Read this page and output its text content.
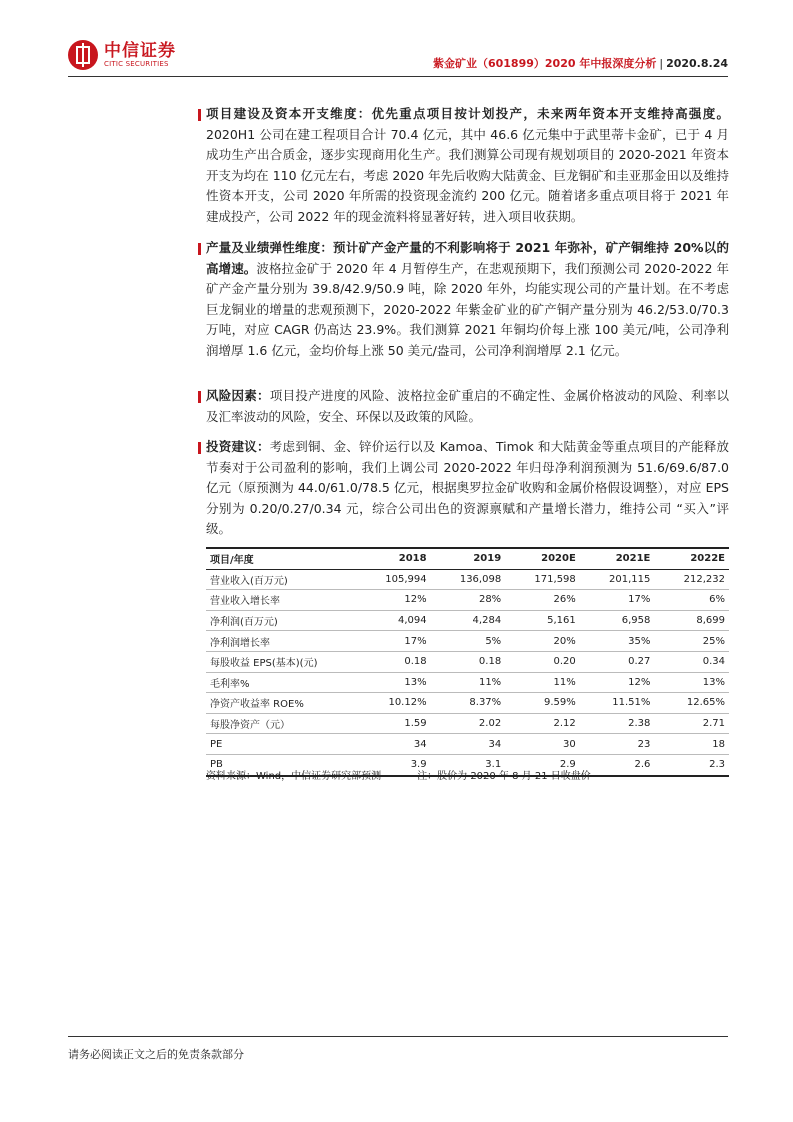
中信证券
CITIC SECURITIES	紫金矿业（601899）2020 年中报深度分析 | 2020.8.24
项目建设及资本开支维度：优先重点项目按计划投产，未来两年资本开支维持高强度。2020H1 公司在建工程项目合计 70.4 亿元，其中 46.6 亿元集中于武里蒂卡金矿，已于 4 月成功生产出合质金，逐步实现商用化生产。我们测算公司现有规划项目的 2020-2021 年资本开支为均在 110 亿元左右，考虑 2020 年先后收购大陆黄金、巨龙铜矿和圭亚那金田以及维持性资本开支，公司 2020 年所需的投资现金流约 200 亿元。随着诸多重点项目将于 2021 年建成投产，公司 2022 年的现金流料将显著好转，进入项目收获期。
产量及业绩弹性维度：预计矿产金产量的不利影响将于 2021 年弥补，矿产铜维持 20%以的高增速。波格拉金矿于 2020 年 4 月暂停生产，在悲观预期下，我们预测公司 2020-2022 年矿产金产量分别为 39.8/42.9/50.9 吨，除 2020 年外，均能实现公司的产量计划。在不考虑巨龙铜业的增量的悲观预测下，2020-2022 年紫金矿业的矿产铜产量分别为 46.2/53.0/70.3 万吨，对应 CAGR 仍高达 23.9%。我们测算 2021 年铜均价每上涨 100 美元/吨，公司净利润增厚 1.6 亿元，金均价每上涨 50 美元/盎司，公司净利润增厚 2.1 亿元。
风险因素：项目投产进度的风险、波格拉金矿重启的不确定性、金属价格波动的风险、利率以及汇率波动的风险，安全、环保以及政策的风险。
投资建议：考虑到铜、金、锌价运行以及 Kamoa、Timok 和大陆黄金等重点项目的产能释放节奏对于公司盈利的影响，我们上调公司 2020-2022 年归母净利润预测为 51.6/69.6/87.0 亿元（原预测为 44.0/61.0/78.5 亿元，根据奥罗拉金矿收购和金属价格假设调整），对应 EPS 分别为 0.20/0.27/0.34 元，综合公司出色的资源禀赋和产量增长潜力，维持公司 “买入”评级。
项目/年度	2018	2019	2020E	2021E	2022E
营业收入(百万元)	105,994	136,098	171,598	201,115	212,232
营业收入增长率	12%	28%	26%	17%	6%
净利润(百万元)	4,094	4,284	5,161	6,958	8,699
净利润增长率	17%	5%	20%	35%	25%
每股收益 EPS(基本)(元)	0.18	0.18	0.20	0.27	0.34
毛利率%	13%	11%	11%	12%	13%
净资产收益率 ROE%	10.12%	8.37%	9.59%	11.51%	12.65%
每股净资产（元）	1.59	2.02	2.12	2.38	2.71
PE	34	34	30	23	18
PB	3.9	3.1	2.9	2.6	2.3
资料来源：Wind，中信证券研究部预测	注：股价为 2020 年 8 月 21 日收盘价
请务必阅读正文之后的免责条款部分
